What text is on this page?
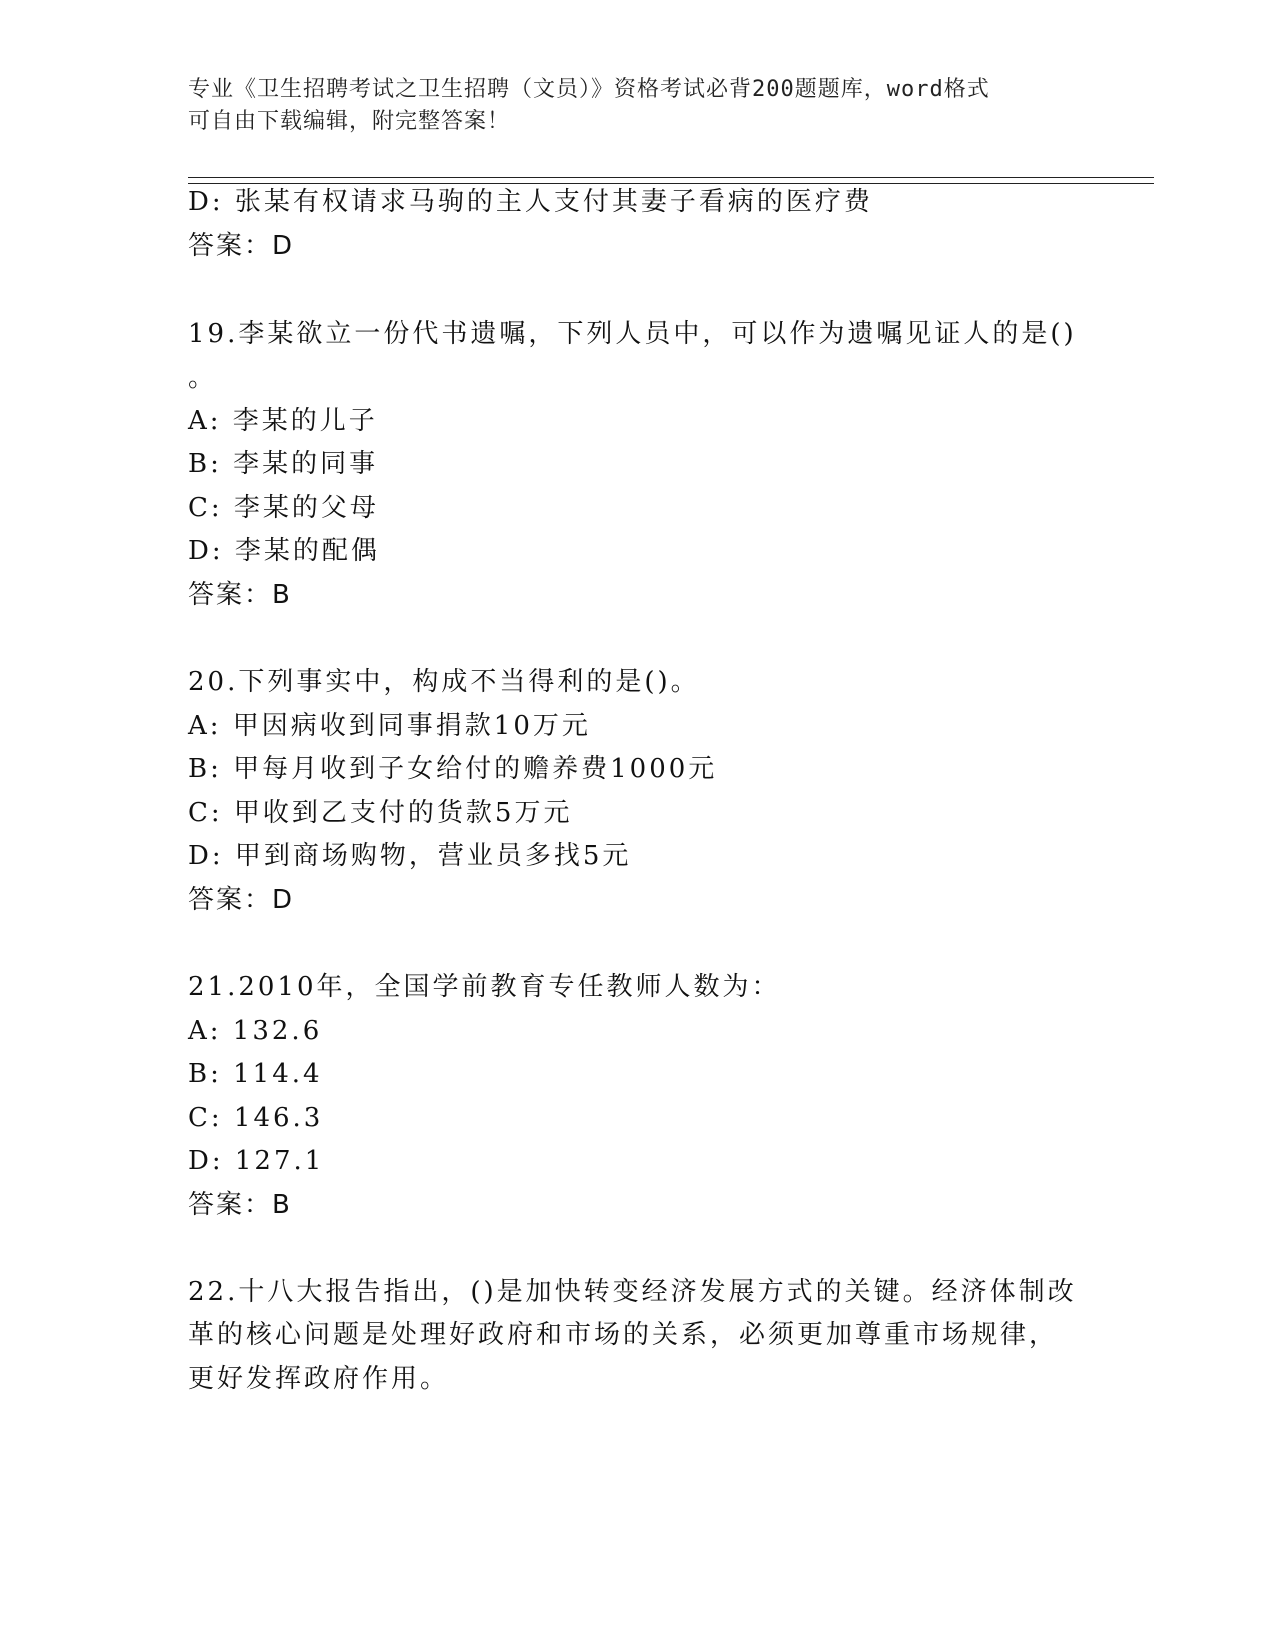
专业《卫生招聘考试之卫生招聘（文员）》资格考试必背200题题库，word格式

可自由下载编辑，附完整答案！

D: 张某有权请求马驹的主人支付其妻子看病的医疗费
答案：D
19.李某欲立一份代书遗嘱，下列人员中，可以作为遗嘱见证人的是()
。
A: 李某的儿子
B: 李某的同事
C: 李某的父母
D: 李某的配偶
答案：B
20.下列事实中，构成不当得利的是()。
A: 甲因病收到同事捐款10万元
B: 甲每月收到子女给付的赡养费1000元
C: 甲收到乙支付的货款5万元
D: 甲到商场购物，营业员多找5元
答案：D
21.2010年，全国学前教育专任教师人数为：
A: 132.6
B: 114.4
C: 146.3
D: 127.1
答案：B
22.十八大报告指出，()是加快转变经济发展方式的关键。经济体制改
革的核心问题是处理好政府和市场的关系，必须更加尊重市场规律，
更好发挥政府作用。
